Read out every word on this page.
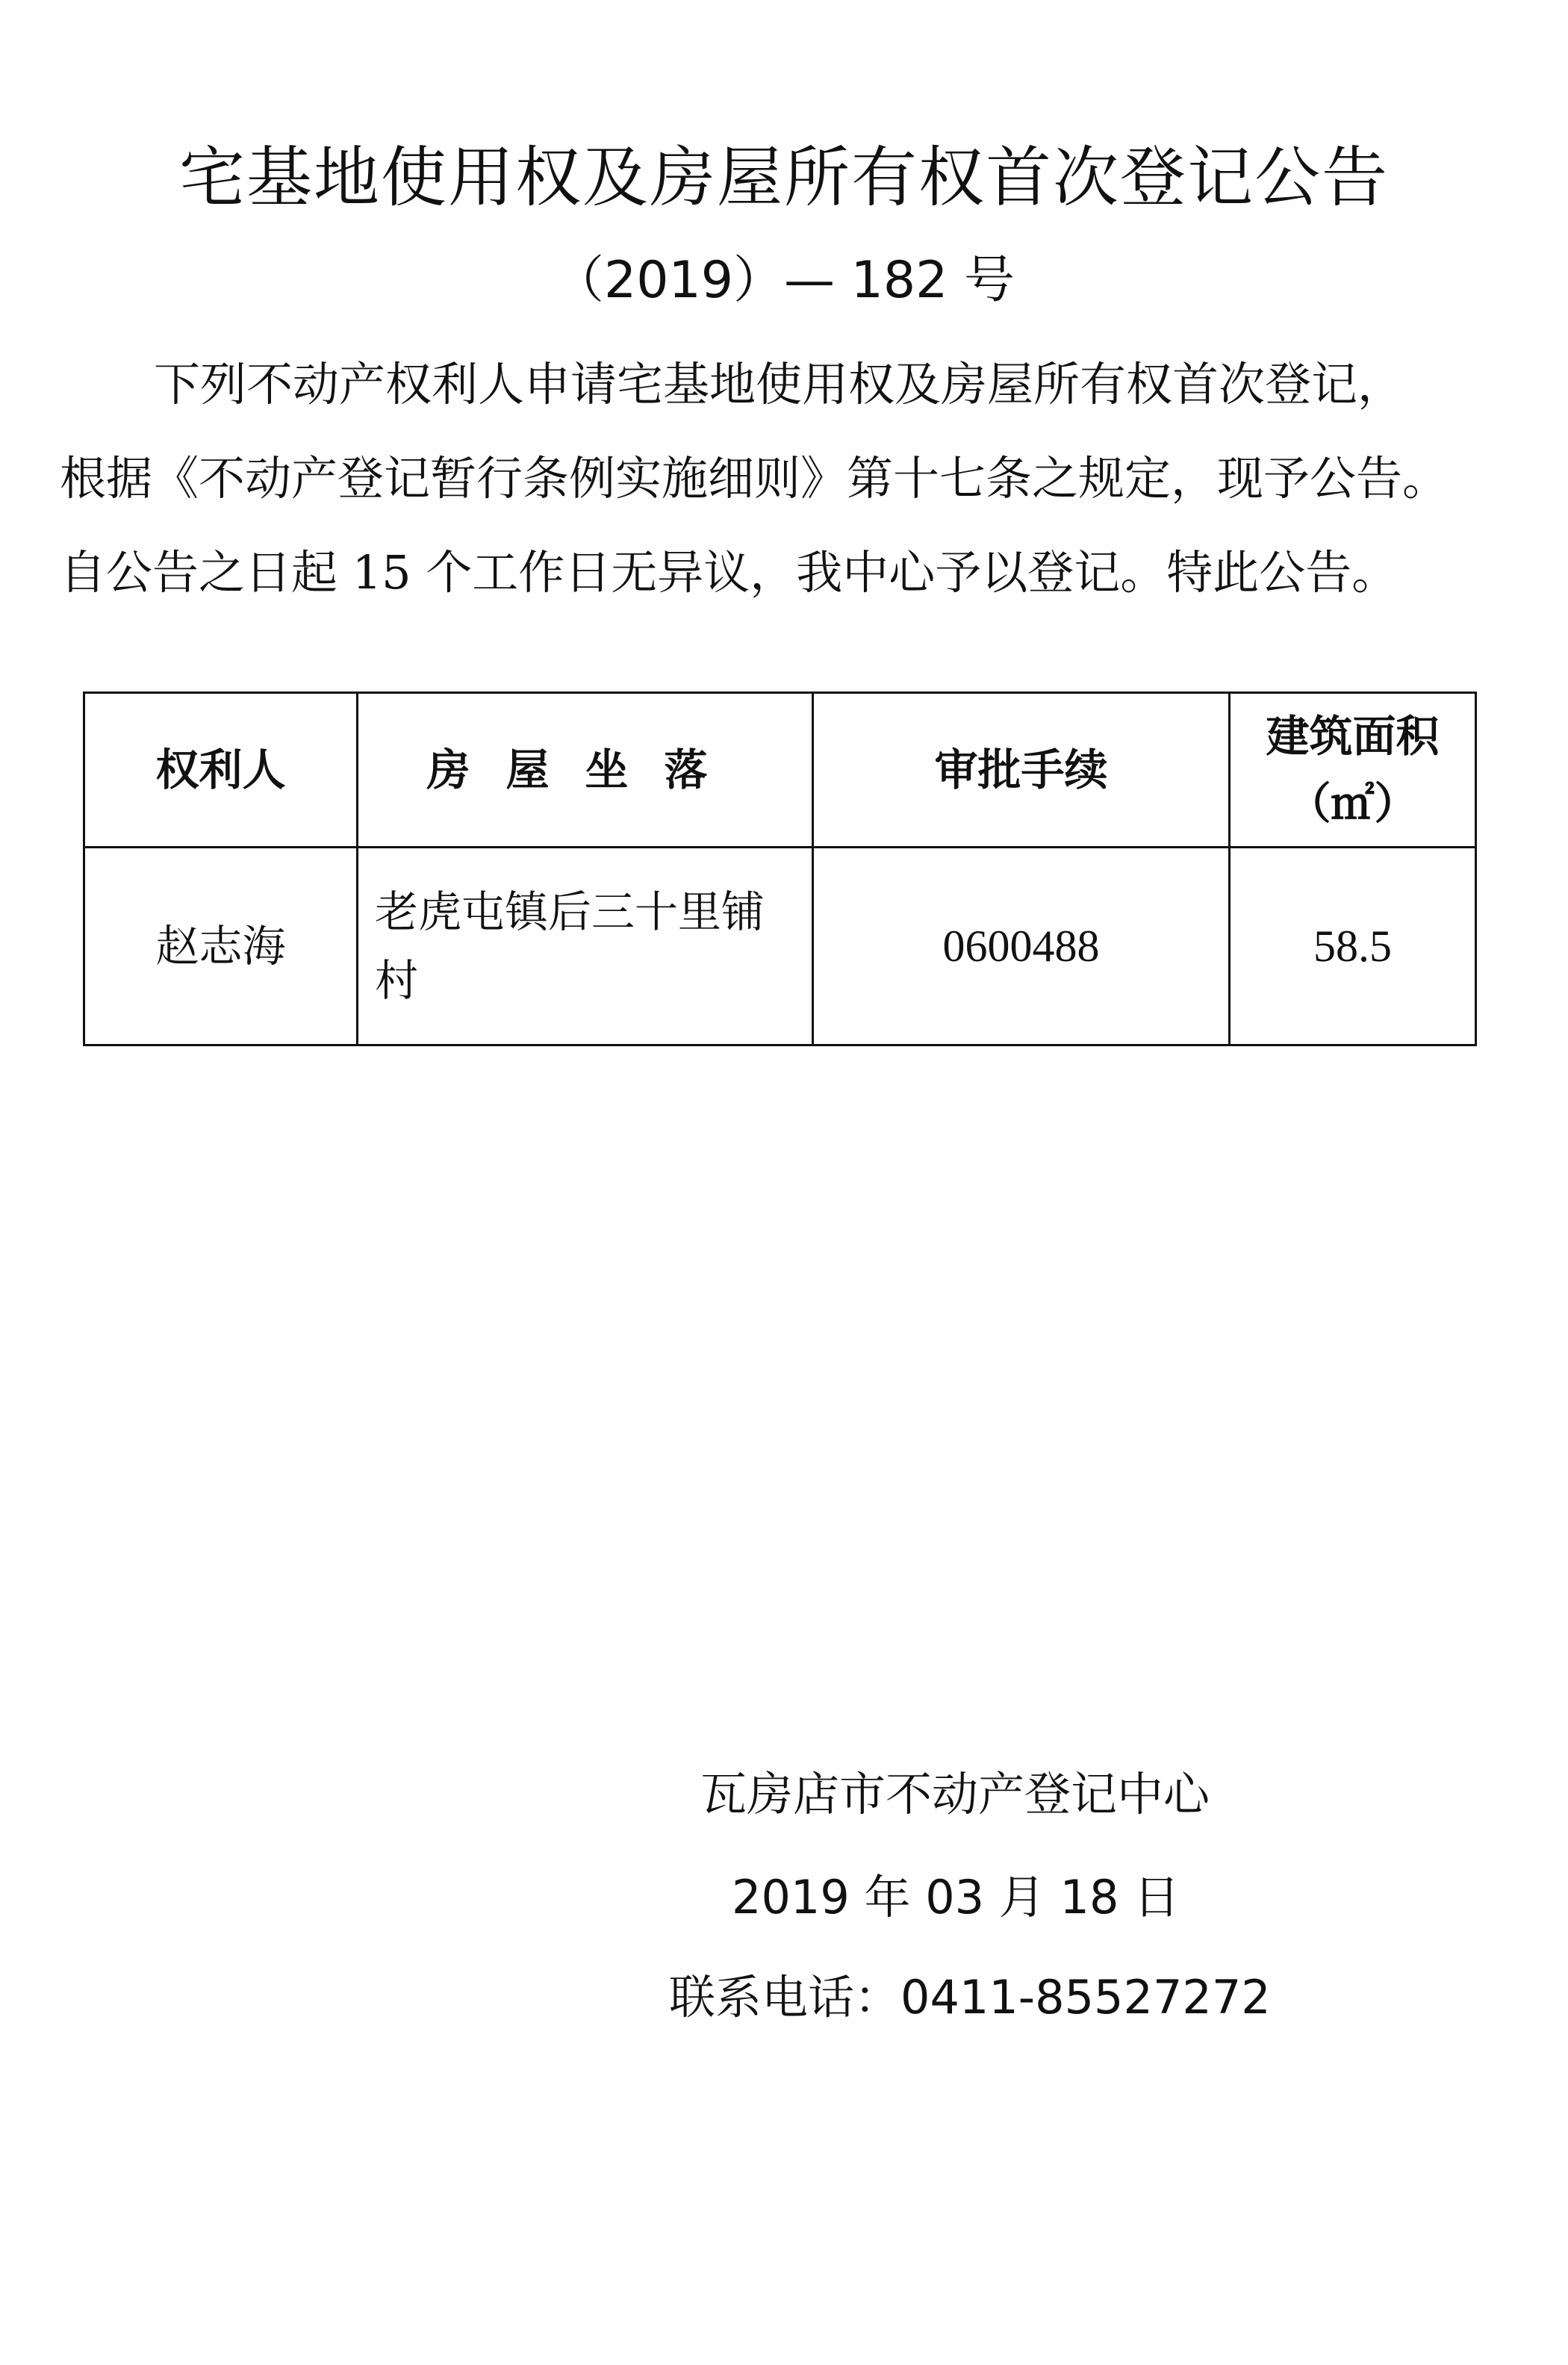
宅基地使用权及房屋所有权首次登记公告

（2019）— 182 号

下列不动产权利人申请宅基地使用权及房屋所有权首次登记，

根据《不动产登记暂行条例实施细则》第十七条之规定，现予公告。

自公告之日起 15 个工作日无异议，我中心予以登记。特此公告。

权利人	房屋坐落	审批手续	建筑面积
（㎡）

赵志海	老虎屯镇后三十里铺村	0600488	58.5

瓦房店市不动产登记中心

2019 年 03 月 18 日

联系电话：0411-85527272
